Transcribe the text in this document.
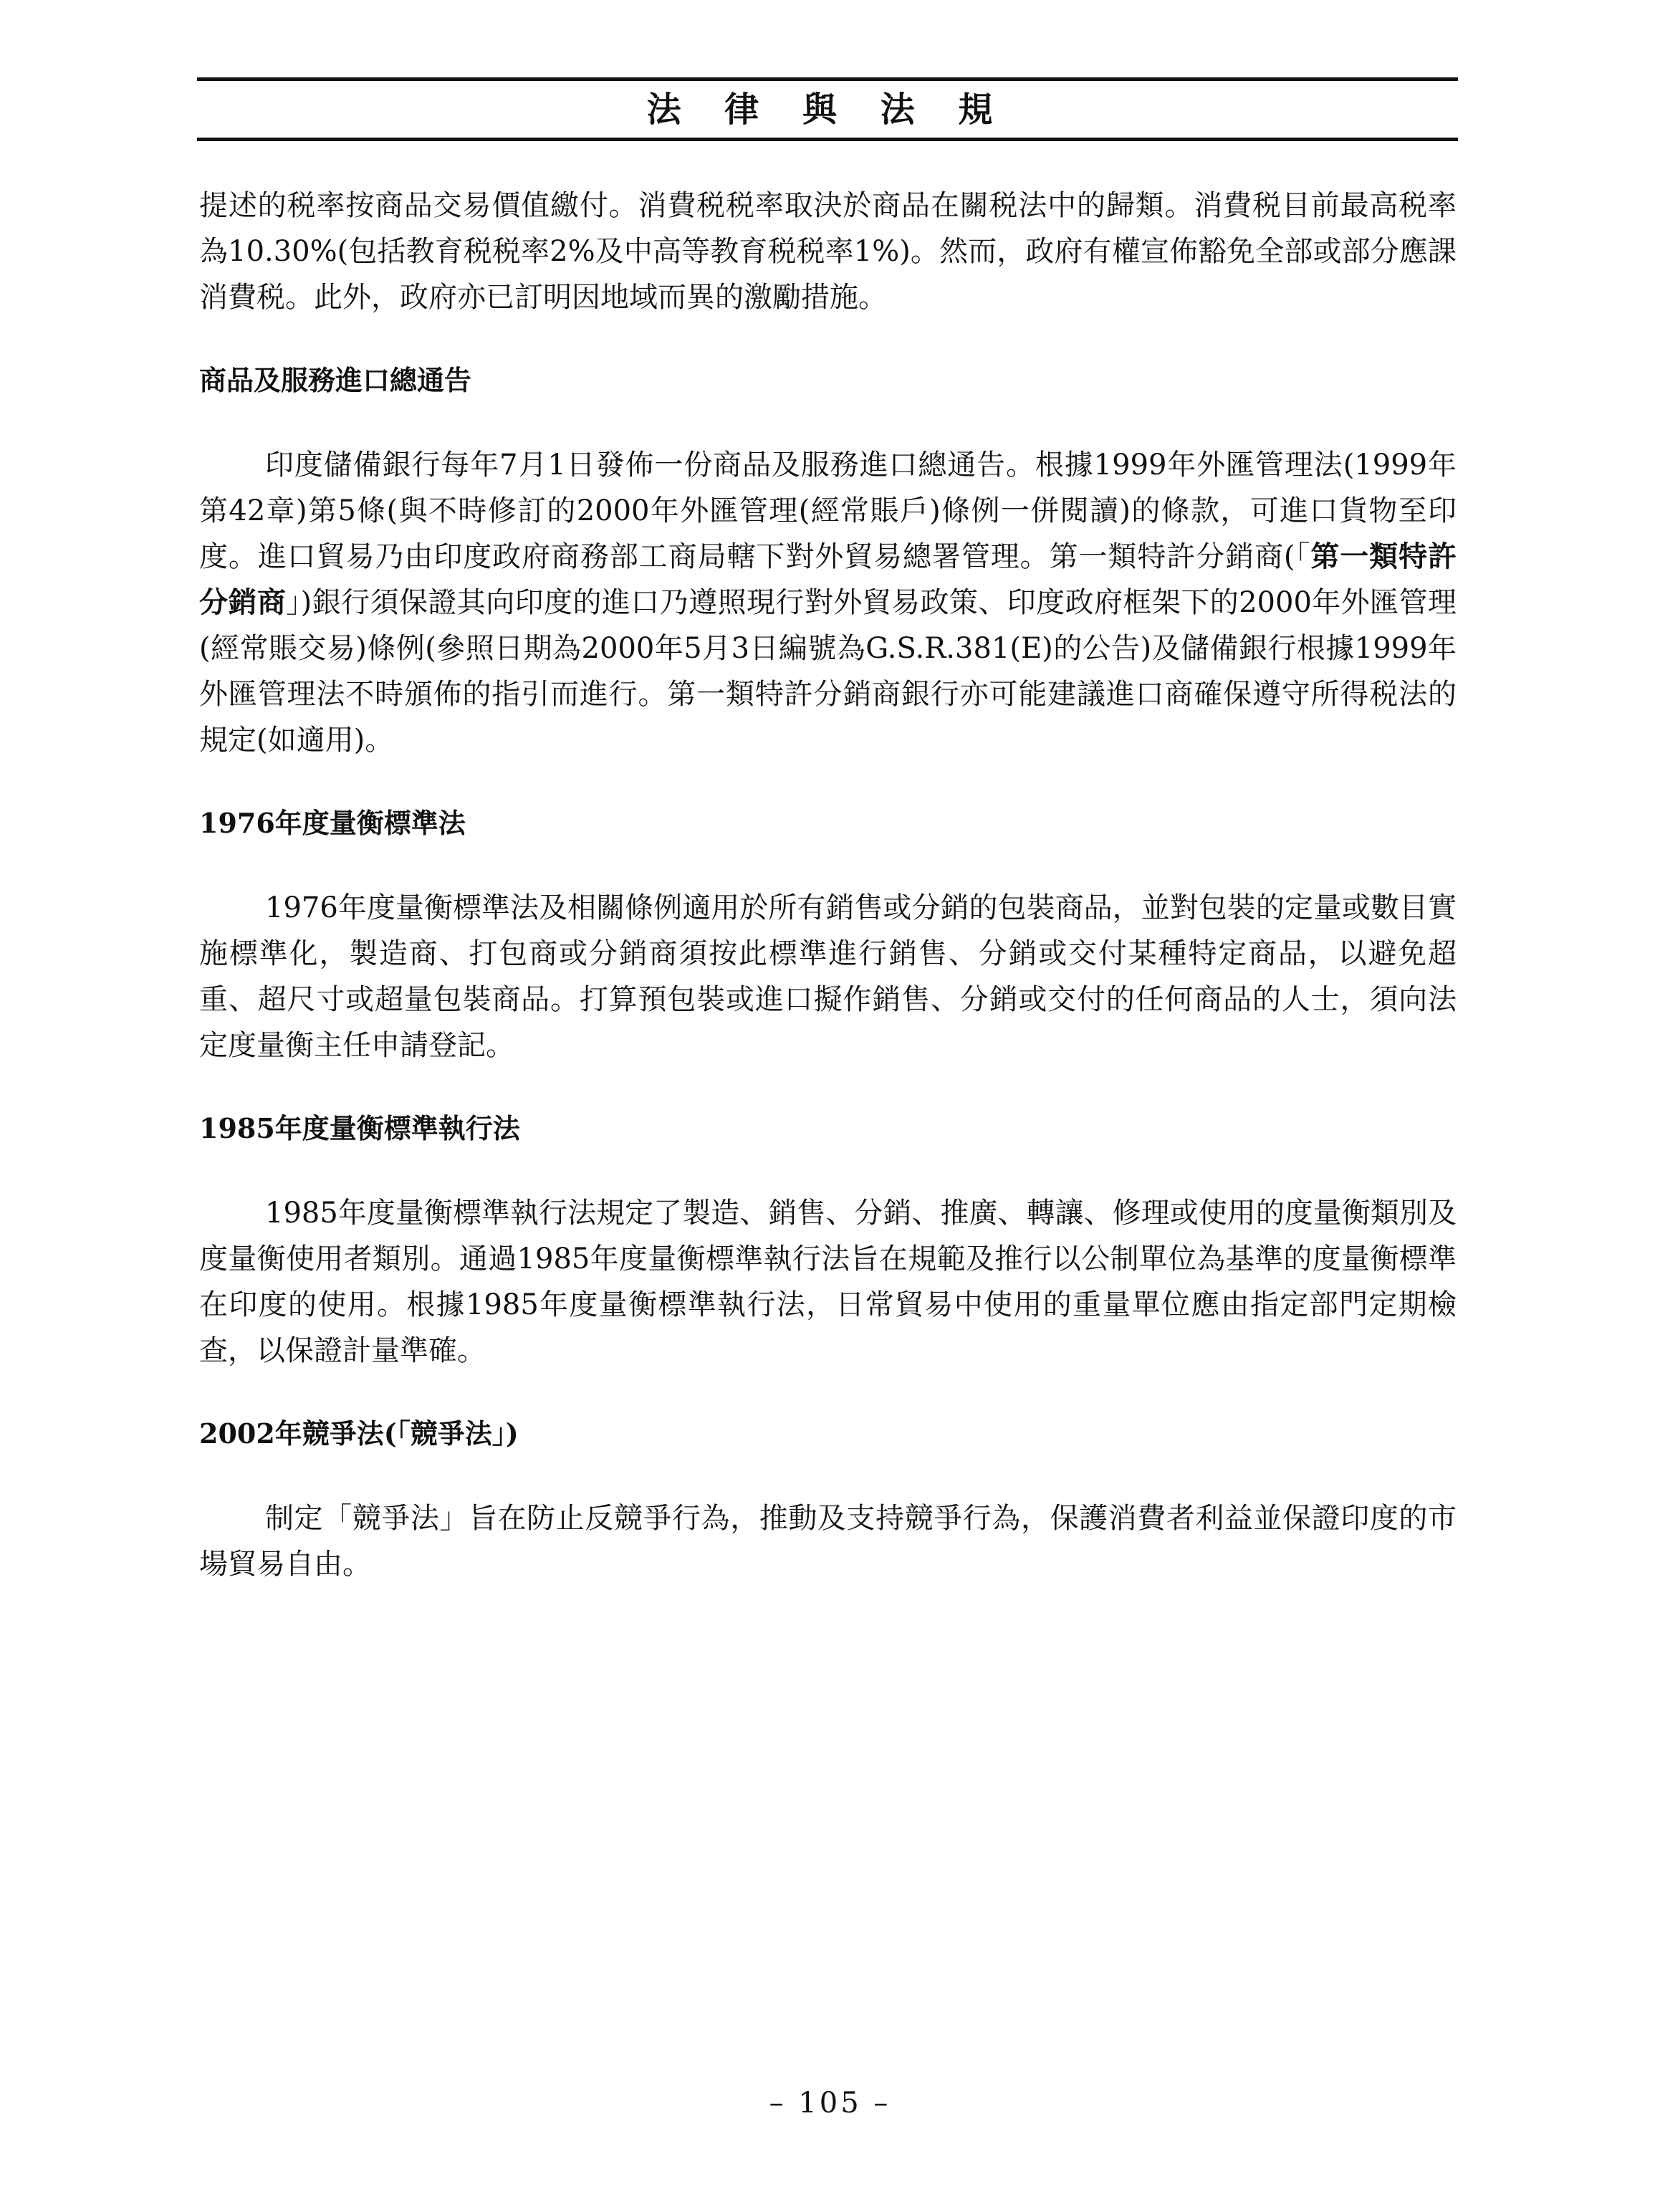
法 律 與 法 規

提述的税率按商品交易價值繳付。消費税税率取決於商品在關税法中的歸類。消費税目前最高税率為10.30%(包括教育税税率2%及中高等教育税税率1%)。然而，政府有權宣佈豁免全部或部分應課消費税。此外，政府亦已訂明因地域而異的激勵措施。

商品及服務進口總通告

印度儲備銀行每年7月1日發佈一份商品及服務進口總通告。根據1999年外匯管理法(1999年第42章)第5條(與不時修訂的2000年外匯管理(經常賬戶)條例一併閱讀)的條款，可進口貨物至印度。進口貿易乃由印度政府商務部工商局轄下對外貿易總署管理。第一類特許分銷商(「第一類特許分銷商」)銀行須保證其向印度的進口乃遵照現行對外貿易政策、印度政府框架下的2000年外匯管理(經常賬交易)條例(參照日期為2000年5月3日編號為G.S.R.381(E)的公告)及儲備銀行根據1999年外匯管理法不時頒佈的指引而進行。第一類特許分銷商銀行亦可能建議進口商確保遵守所得税法的規定(如適用)。

1976年度量衡標準法

1976年度量衡標準法及相關條例適用於所有銷售或分銷的包裝商品，並對包裝的定量或數目實施標準化，製造商、打包商或分銷商須按此標準進行銷售、分銷或交付某種特定商品，以避免超重、超尺寸或超量包裝商品。打算預包裝或進口擬作銷售、分銷或交付的任何商品的人士，須向法定度量衡主任申請登記。

1985年度量衡標準執行法

1985年度量衡標準執行法規定了製造、銷售、分銷、推廣、轉讓、修理或使用的度量衡類別及度量衡使用者類別。通過1985年度量衡標準執行法旨在規範及推行以公制單位為基準的度量衡標準在印度的使用。根據1985年度量衡標準執行法，日常貿易中使用的重量單位應由指定部門定期檢查，以保證計量準確。

2002年競爭法(「競爭法」)

制定「競爭法」旨在防止反競爭行為，推動及支持競爭行為，保護消費者利益並保證印度的市場貿易自由。

– 105 –
